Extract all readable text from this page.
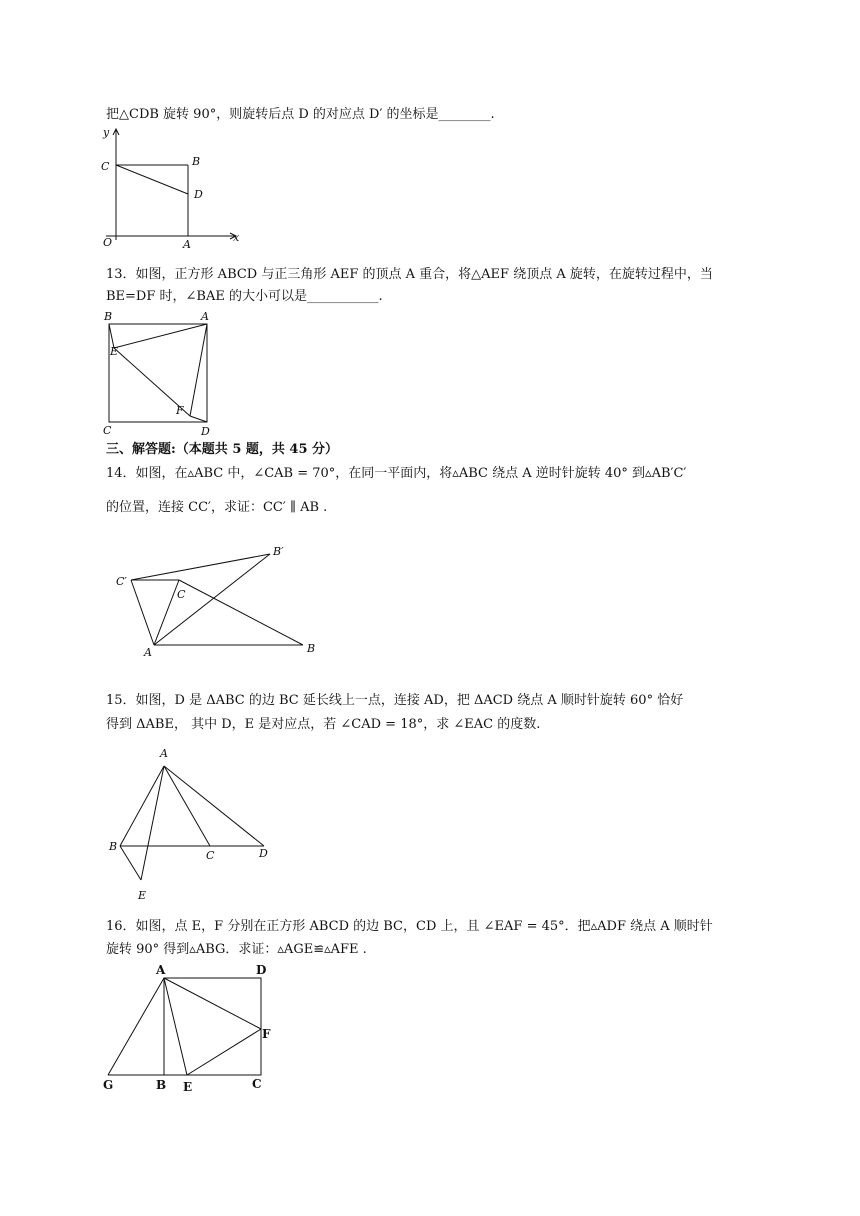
把△CDB 旋转 90°，则旋转后点 D 的对应点 D′ 的坐标是________.
y
C	B
D
O	A
x
13．如图，正方形 ABCD 与正三角形 AEF 的顶点 A 重合，将△AEF 绕顶点 A 旋转，在旋转过程中，当
BE=DF 时，∠BAE 的大小可以是___________.
B	A
E
F
C	D
三、解答题:（本题共 5 题，共 45 分）
14．如图，在▵ABC 中，∠CAB = 70°，在同一平面内，将▵ABC 绕点 A 逆时针旋转 40° 到▵AB′C′
的位置，连接 CC′，求证：CC′ ∥ AB .
B′
C′
C
A	B
15．如图，D 是 ΔABC 的边 BC 延长线上一点，连接 AD，把 ΔACD 绕点 A 顺时针旋转 60° 恰好
得到 ΔABE， 其中 D，E 是对应点，若 ∠CAD = 18°，求 ∠EAC 的度数.
A
B
C	D
E
16．如图，点 E，F 分别在正方形 ABCD 的边 BC，CD 上，且 ∠EAF = 45°．把▵ADF 绕点 A 顺时针
旋转 90° 得到▵ABG．求证：▵AGE≌▵AFE .
A	D
F
G	B E	C
